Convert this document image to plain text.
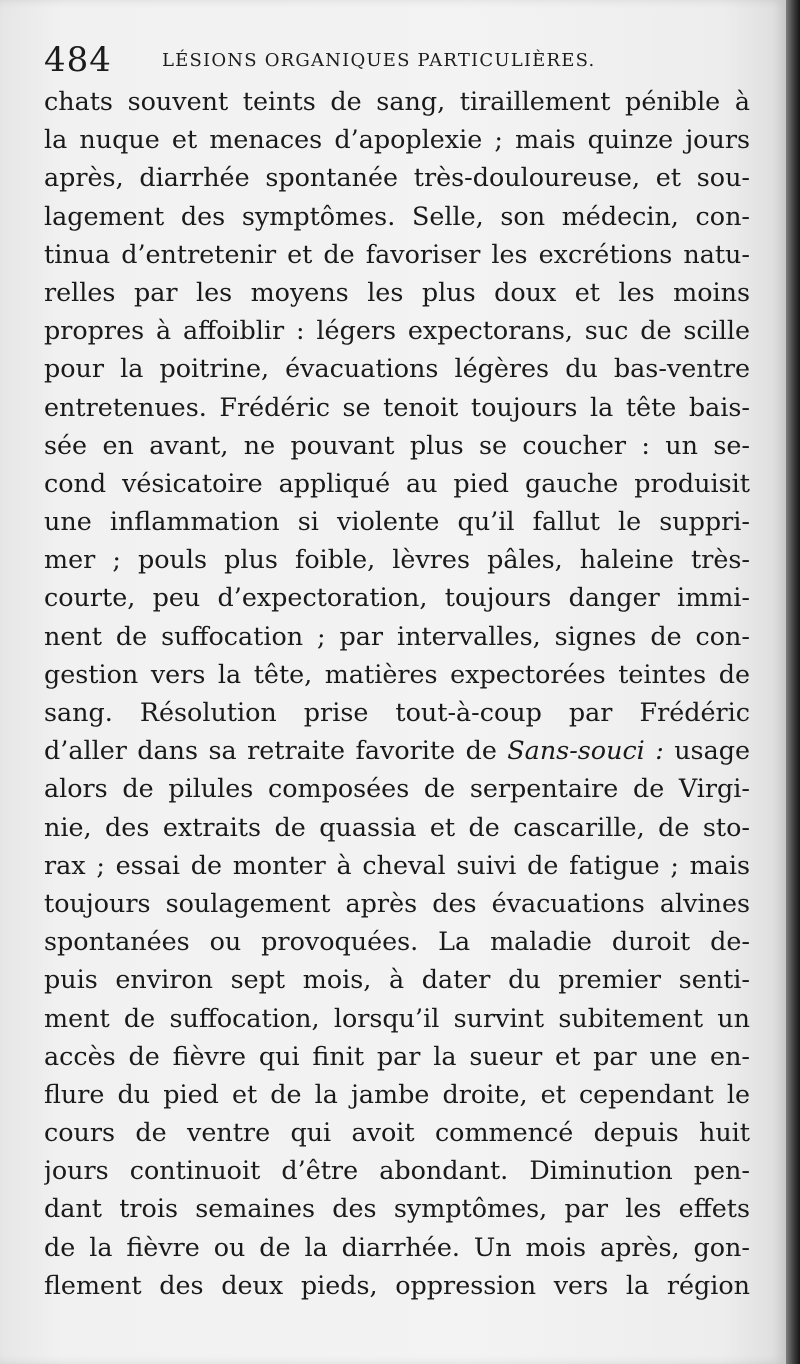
484	LÉSIONS ORGANIQUES PARTICULIÈRES.
chats souvent teints de sang, tiraillement pénible à
la nuque et menaces d’apoplexie ; mais quinze jours
après, diarrhée spontanée très-douloureuse, et sou-
lagement des symptômes. Selle, son médecin, con-
tinua d’entretenir et de favoriser les excrétions natu-
relles par les moyens les plus doux et les moins
propres à affoiblir : légers expectorans, suc de scille
pour la poitrine, évacuations légères du bas-ventre
entretenues. Frédéric se tenoit toujours la tête bais-
sée en avant, ne pouvant plus se coucher : un se-
cond vésicatoire appliqué au pied gauche produisit
une inflammation si violente qu’il fallut le suppri-
mer ; pouls plus foible, lèvres pâles, haleine très-
courte, peu d’expectoration, toujours danger immi-
nent de suffocation ; par intervalles, signes de con-
gestion vers la tête, matières expectorées teintes de
sang. Résolution prise tout-à-coup par Frédéric
d’aller dans sa retraite favorite de Sans-souci : usage
alors de pilules composées de serpentaire de Virgi-
nie, des extraits de quassia et de cascarille, de sto-
rax ; essai de monter à cheval suivi de fatigue ; mais
toujours soulagement après des évacuations alvines
spontanées ou provoquées. La maladie duroit de-
puis environ sept mois, à dater du premier senti-
ment de suffocation, lorsqu’il survint subitement un
accès de fièvre qui finit par la sueur et par une en-
flure du pied et de la jambe droite, et cependant le
cours de ventre qui avoit commencé depuis huit
jours continuoit d’être abondant. Diminution pen-
dant trois semaines des symptômes, par les effets
de la fièvre ou de la diarrhée. Un mois après, gon-
flement des deux pieds, oppression vers la région
